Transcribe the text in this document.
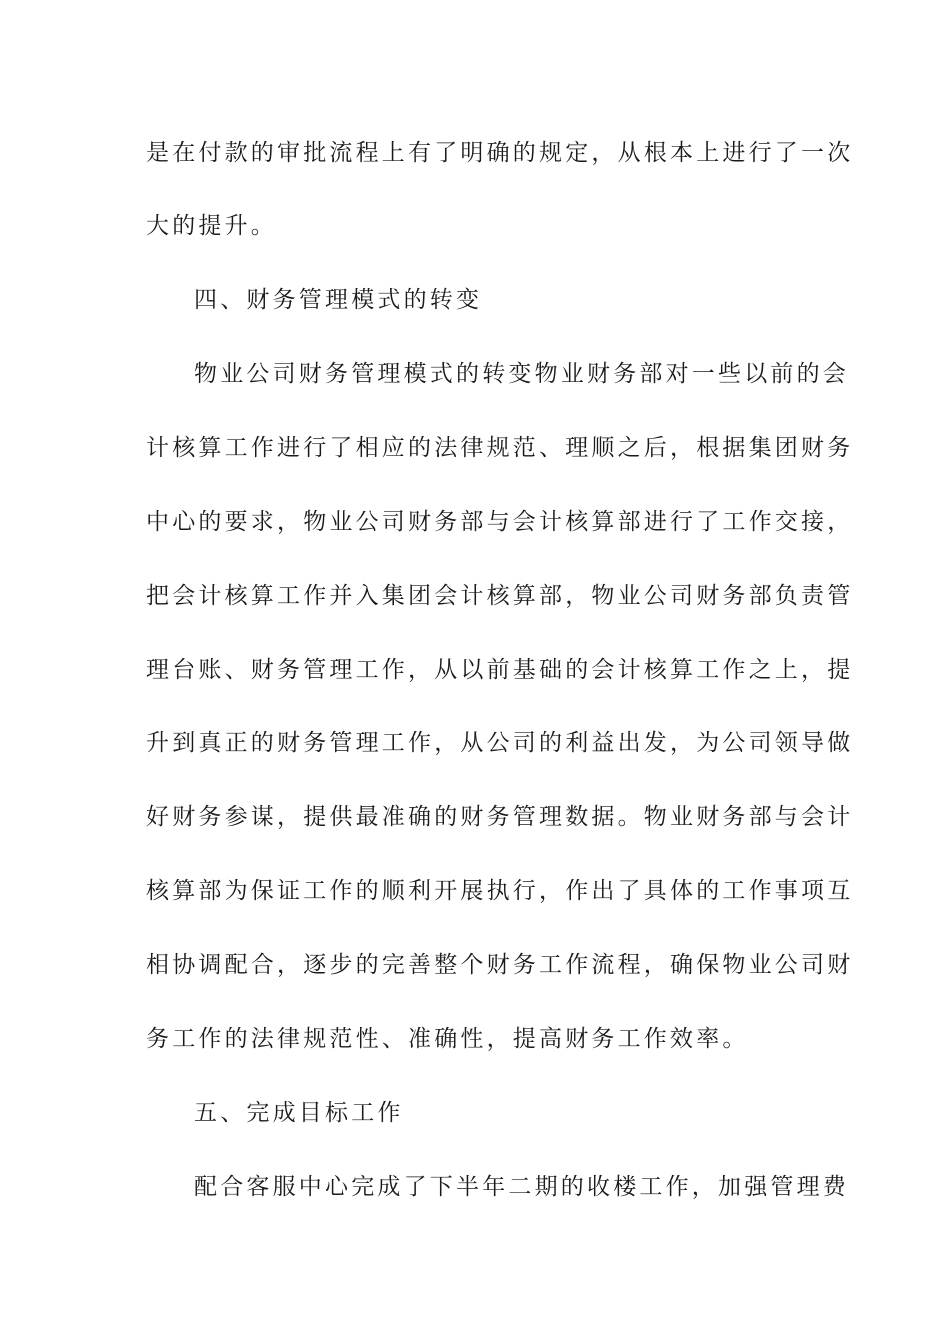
是在付款的审批流程上有了明确的规定，从根本上进行了一次
大的提升。
四、财务管理模式的转变
物业公司财务管理模式的转变物业财务部对一些以前的会
计核算工作进行了相应的法律规范、理顺之后，根据集团财务
中心的要求，物业公司财务部与会计核算部进行了工作交接，
把会计核算工作并入集团会计核算部，物业公司财务部负责管
理台账、财务管理工作，从以前基础的会计核算工作之上，提
升到真正的财务管理工作，从公司的利益出发，为公司领导做
好财务参谋，提供最准确的财务管理数据。物业财务部与会计
核算部为保证工作的顺利开展执行，作出了具体的工作事项互
相协调配合，逐步的完善整个财务工作流程，确保物业公司财
务工作的法律规范性、准确性，提高财务工作效率。
五、完成目标工作
配合客服中心完成了下半年二期的收楼工作，加强管理费
